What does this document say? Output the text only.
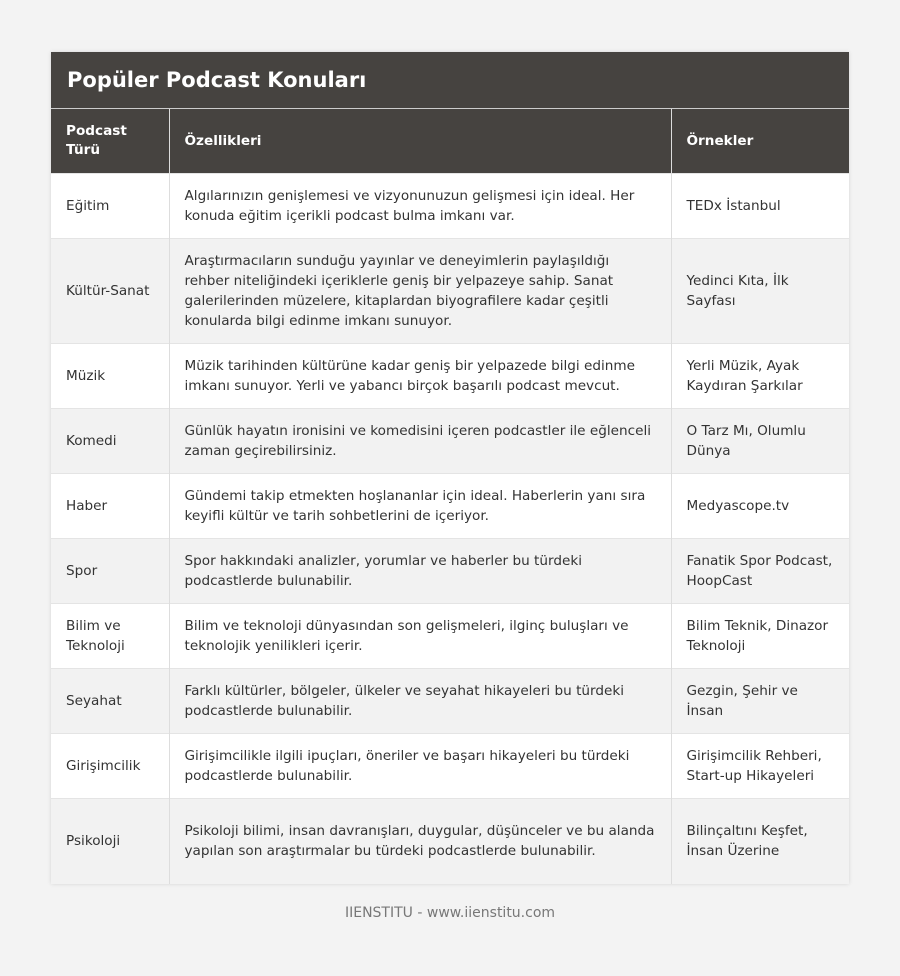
Popüler Podcast Konuları
Podcast Türü	Özellikleri	Örnekler
Eğitim	Algılarınızın genişlemesi ve vizyonunuzun gelişmesi için ideal. Her konuda eğitim içerikli podcast bulma imkanı var.	TEDx İstanbul
Kültür-Sanat	Araştırmacıların sunduğu yayınlar ve deneyimlerin paylaşıldığı rehber niteliğindeki içeriklerle geniş bir yelpazeye sahip. Sanat galerilerinden müzelere, kitaplardan biyografilere kadar çeşitli konularda bilgi edinme imkanı sunuyor.	Yedinci Kıta, İlk Sayfası
Müzik	Müzik tarihinden kültürüne kadar geniş bir yelpazede bilgi edinme imkanı sunuyor. Yerli ve yabancı birçok başarılı podcast mevcut.	Yerli Müzik, Ayak Kaydıran Şarkılar
Komedi	Günlük hayatın ironisini ve komedisini içeren podcastler ile eğlenceli zaman geçirebilirsiniz.	O Tarz Mı, Olumlu Dünya
Haber	Gündemi takip etmekten hoşlananlar için ideal. Haberlerin yanı sıra keyifli kültür ve tarih sohbetlerini de içeriyor.	Medyascope.tv
Spor	Spor hakkındaki analizler, yorumlar ve haberler bu türdeki podcastlerde bulunabilir.	Fanatik Spor Podcast, HoopCast
Bilim ve Teknoloji	Bilim ve teknoloji dünyasından son gelişmeleri, ilginç buluşları ve teknolojik yenilikleri içerir.	Bilim Teknik, Dinazor Teknoloji
Seyahat	Farklı kültürler, bölgeler, ülkeler ve seyahat hikayeleri bu türdeki podcastlerde bulunabilir.	Gezgin, Şehir ve İnsan
Girişimcilik	Girişimcilikle ilgili ipuçları, öneriler ve başarı hikayeleri bu türdeki podcastlerde bulunabilir.	Girişimcilik Rehberi, Start-up Hikayeleri
Psikoloji	Psikoloji bilimi, insan davranışları, duygular, düşünceler ve bu alanda yapılan son araştırmalar bu türdeki podcastlerde bulunabilir.	Bilinçaltını Keşfet, İnsan Üzerine
IIENSTITU - www.iienstitu.com
